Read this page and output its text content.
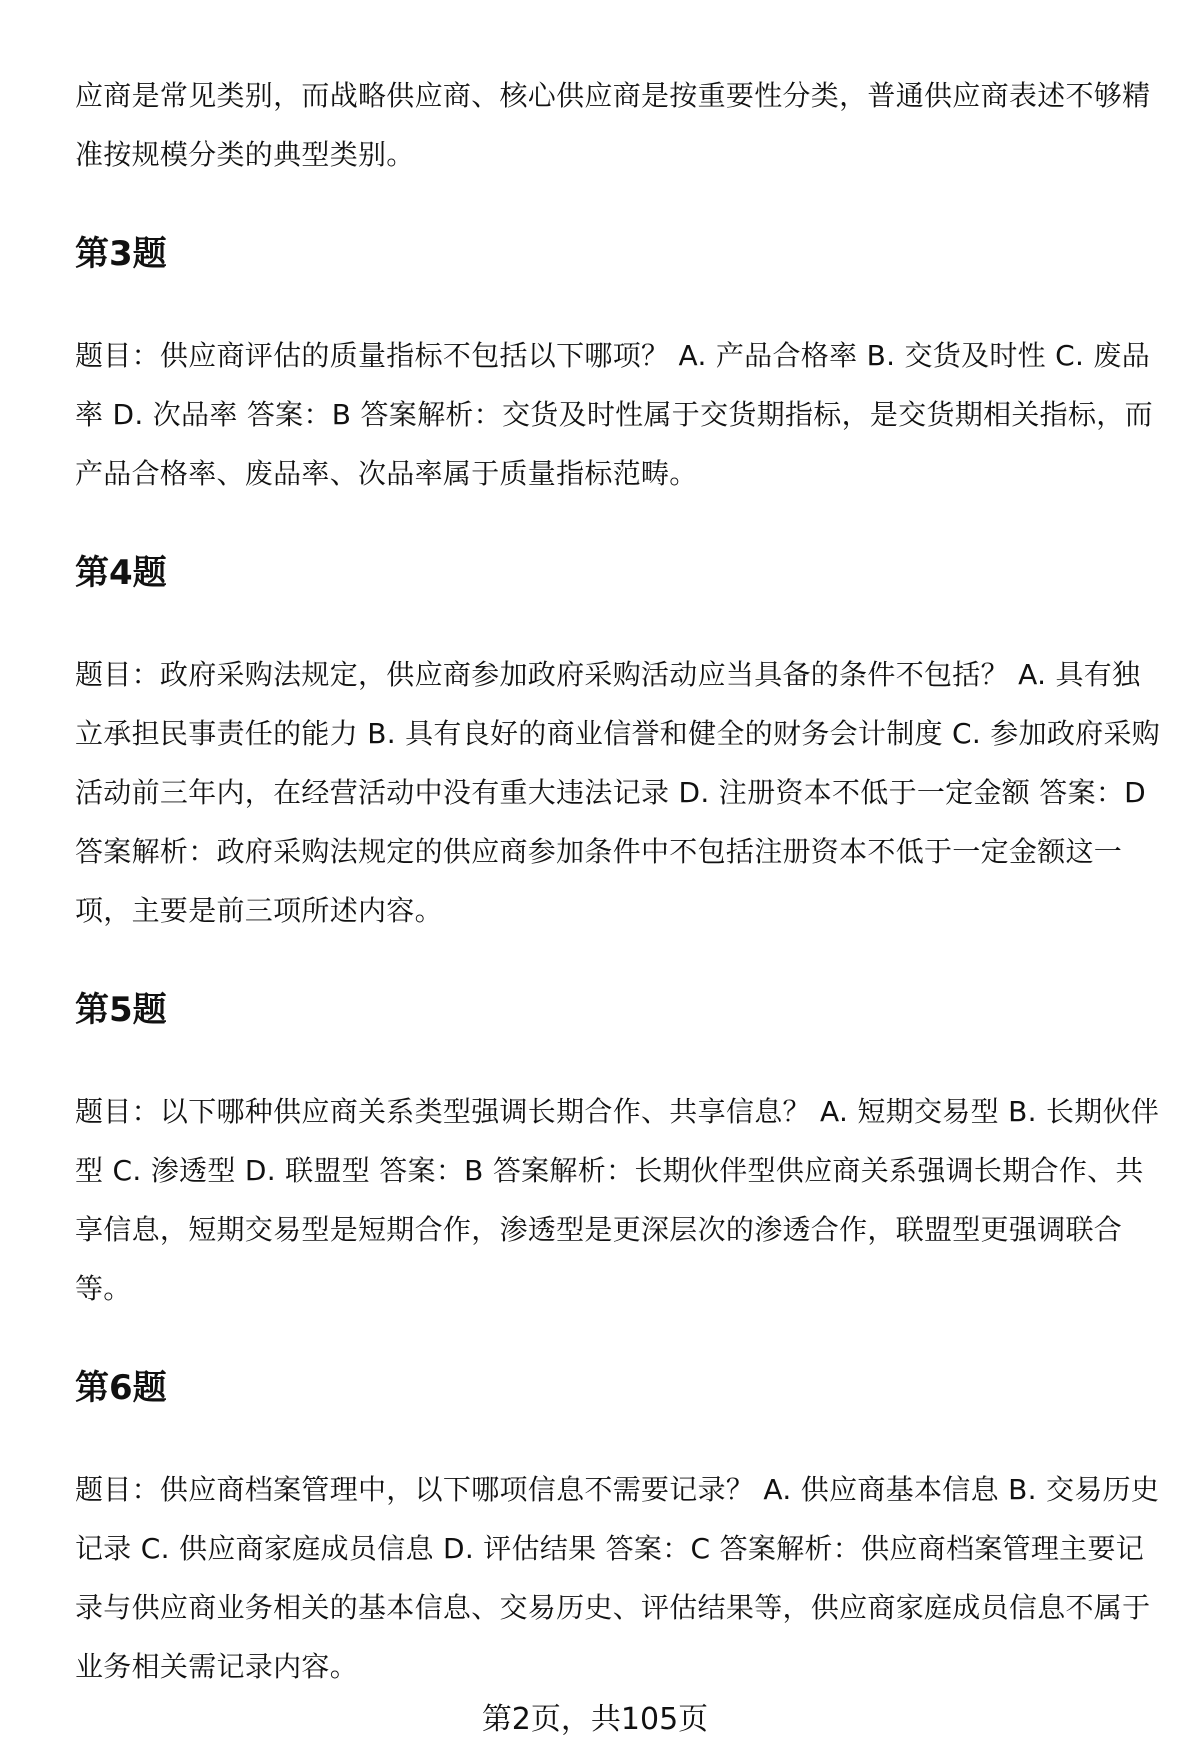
应商是常见类别，而战略供应商、核心供应商是按重要性分类，普通供应商表述不够精准按规模分类的典型类别。

第3题

题目：供应商评估的质量指标不包括以下哪项？ A. 产品合格率 B. 交货及时性 C. 废品率 D. 次品率 答案：B 答案解析：交货及时性属于交货期指标，是交货期相关指标，而产品合格率、废品率、次品率属于质量指标范畴。

第4题

题目：政府采购法规定，供应商参加政府采购活动应当具备的条件不包括？ A. 具有独立承担民事责任的能力 B. 具有良好的商业信誉和健全的财务会计制度 C. 参加政府采购活动前三年内，在经营活动中没有重大违法记录 D. 注册资本不低于一定金额 答案：D 答案解析：政府采购法规定的供应商参加条件中不包括注册资本不低于一定金额这一项，主要是前三项所述内容。

第5题

题目：以下哪种供应商关系类型强调长期合作、共享信息？ A. 短期交易型 B. 长期伙伴型 C. 渗透型 D. 联盟型 答案：B 答案解析：长期伙伴型供应商关系强调长期合作、共享信息，短期交易型是短期合作，渗透型是更深层次的渗透合作，联盟型更强调联合等。

第6题

题目：供应商档案管理中，以下哪项信息不需要记录？ A. 供应商基本信息 B. 交易历史记录 C. 供应商家庭成员信息 D. 评估结果 答案：C 答案解析：供应商档案管理主要记录与供应商业务相关的基本信息、交易历史、评估结果等，供应商家庭成员信息不属于业务相关需记录内容。

第2页，共105页
